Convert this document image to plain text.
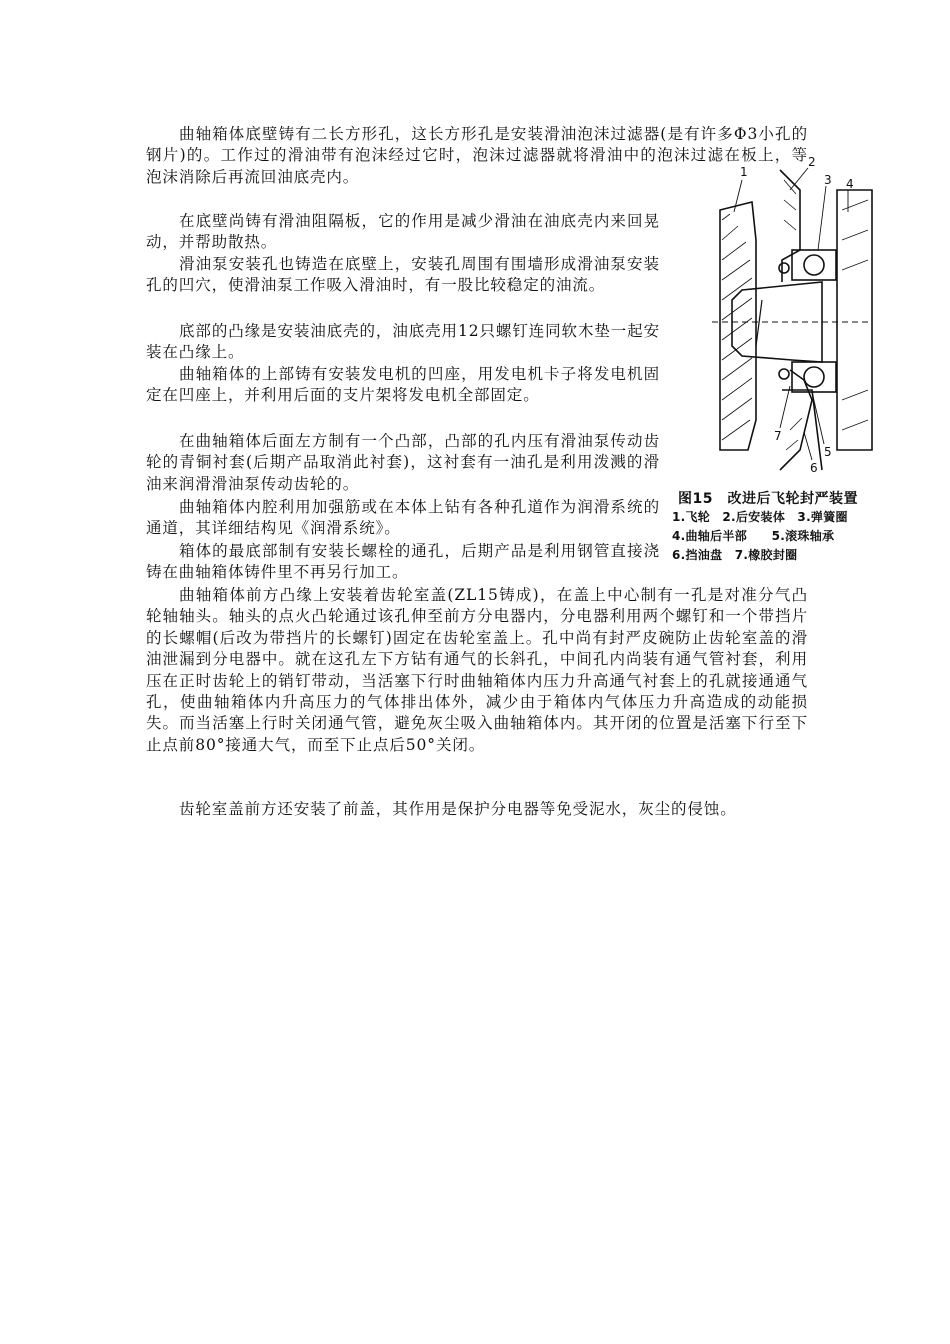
曲轴箱体底壁铸有二长方形孔，这长方形孔是安装滑油泡沫过滤器(是有许多Φ3小孔的钢片)的。工作过的滑油带有泡沫经过它时，泡沫过滤器就将滑油中的泡沫过滤在板上，等泡沫消除后再流回油底壳内。

在底壁尚铸有滑油阻隔板，它的作用是减少滑油在油底壳内来回晃动，并帮助散热。

滑油泵安装孔也铸造在底壁上，安装孔周围有围墙形成滑油泵安装孔的凹穴，使滑油泵工作吸入滑油时，有一股比较稳定的油流。

底部的凸缘是安装油底壳的，油底壳用12只螺钉连同软木垫一起安装在凸缘上。

曲轴箱体的上部铸有安装发电机的凹座，用发电机卡子将发电机固定在凹座上，并利用后面的支片架将发电机全部固定。

在曲轴箱体后面左方制有一个凸部，凸部的孔内压有滑油泵传动齿轮的青铜衬套(后期产品取消此衬套)，这衬套有一油孔是利用泼溅的滑油来润滑滑油泵传动齿轮的。

曲轴箱体内腔利用加强筋或在本体上钻有各种孔道作为润滑系统的通道，其详细结构见《润滑系统》。

箱体的最底部制有安装长螺栓的通孔，后期产品是利用钢管直接浇铸在曲轴箱体铸件里不再另行加工。

曲轴箱体前方凸缘上安装着齿轮室盖(ZL15铸成)，在盖上中心制有一孔是对准分气凸轮轴轴头。轴头的点火凸轮通过该孔伸至前方分电器内，分电器利用两个螺钉和一个带挡片的长螺帽(后改为带挡片的长螺钉)固定在齿轮室盖上。孔中尚有封严皮碗防止齿轮室盖的滑油泄漏到分电器中。就在这孔左下方钻有通气的长斜孔，中间孔内尚装有通气管衬套，利用压在正时齿轮上的销钉带动，当活塞下行时曲轴箱体内压力升高通气衬套上的孔就接通通气孔，使曲轴箱体内升高压力的气体排出体外，减少由于箱体内气体压力升高造成的动能损失。而当活塞上行时关闭通气管，避免灰尘吸入曲轴箱体内。其开闭的位置是活塞下行至下止点前80°接通大气，而至下止点后50°关闭。

齿轮室盖前方还安装了前盖，其作用是保护分电器等免受泥水，灰尘的侵蚀。

1
2
3 4
5
6
7
图15　改进后飞轮封严装置
1.飞轮　2.后安装体　3.弹簧圈
4.曲轴后半部　　5.滚珠轴承
6.挡油盘　7.橡胶封圈
